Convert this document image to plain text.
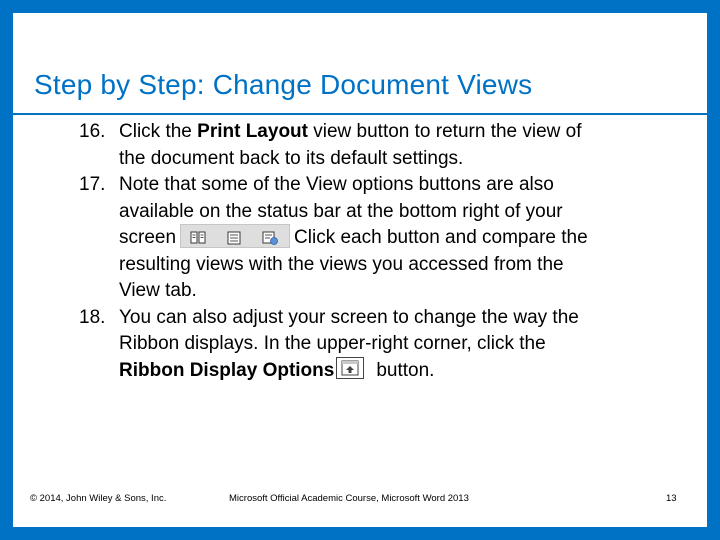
Step by Step: Change Document Views
16. Click the Print Layout view button to return the view of
the document back to its default settings.
17. Note that some of the View options buttons are also
available on the status bar at the bottom right of your
screen	Click each button and compare the
resulting views with the views you accessed from the
View tab.
18. You can also adjust your screen to change the way the
Ribbon displays. In the upper-right corner, click the
Ribbon Display Options button.
© 2014, John Wiley & Sons, Inc.	Microsoft Official Academic Course, Microsoft Word 2013	13
